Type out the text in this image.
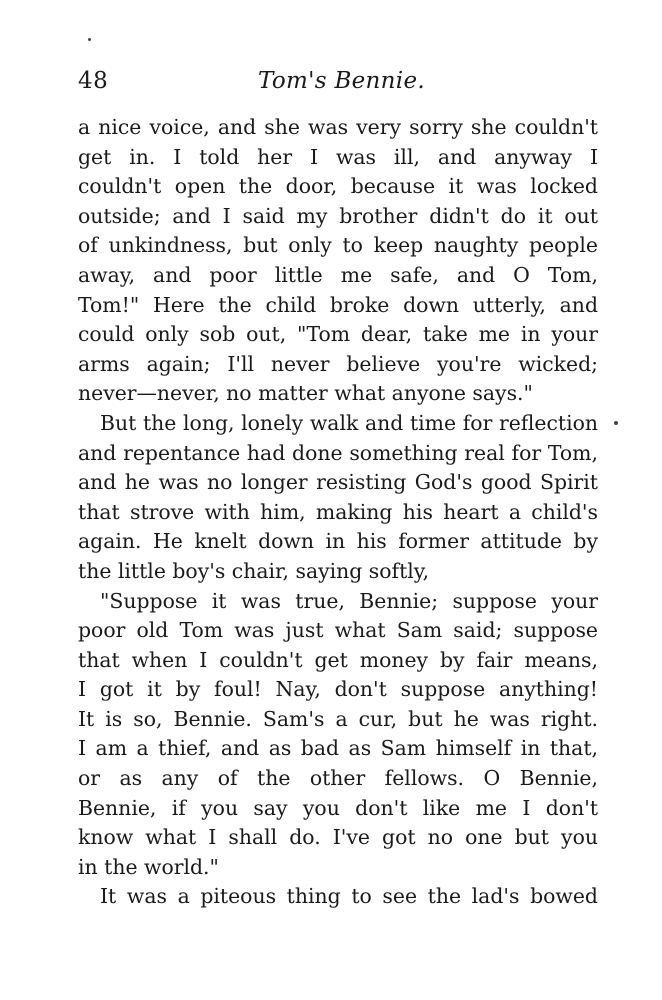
48	Tom's Bennie.
a nice voice, and she was very sorry she couldn't
get in. I told her I was ill, and anyway I
couldn't open the door, because it was locked
outside; and I said my brother didn't do it out
of unkindness, but only to keep naughty people
away, and poor little me safe, and O Tom,
Tom!" Here the child broke down utterly, and
could only sob out, "Tom dear, take me in your
arms again; I'll never believe you're wicked;
never—never, no matter what anyone says."
But the long, lonely walk and time for reflection
and repentance had done something real for Tom,
and he was no longer resisting God's good Spirit
that strove with him, making his heart a child's
again. He knelt down in his former attitude by
the little boy's chair, saying softly,
"Suppose it was true, Bennie; suppose your
poor old Tom was just what Sam said; suppose
that when I couldn't get money by fair means,
I got it by foul! Nay, don't suppose anything!
It is so, Bennie. Sam's a cur, but he was right.
I am a thief, and as bad as Sam himself in that,
or as any of the other fellows. O Bennie,
Bennie, if you say you don't like me I don't
know what I shall do. I've got no one but you
in the world."
It was a piteous thing to see the lad's bowed
